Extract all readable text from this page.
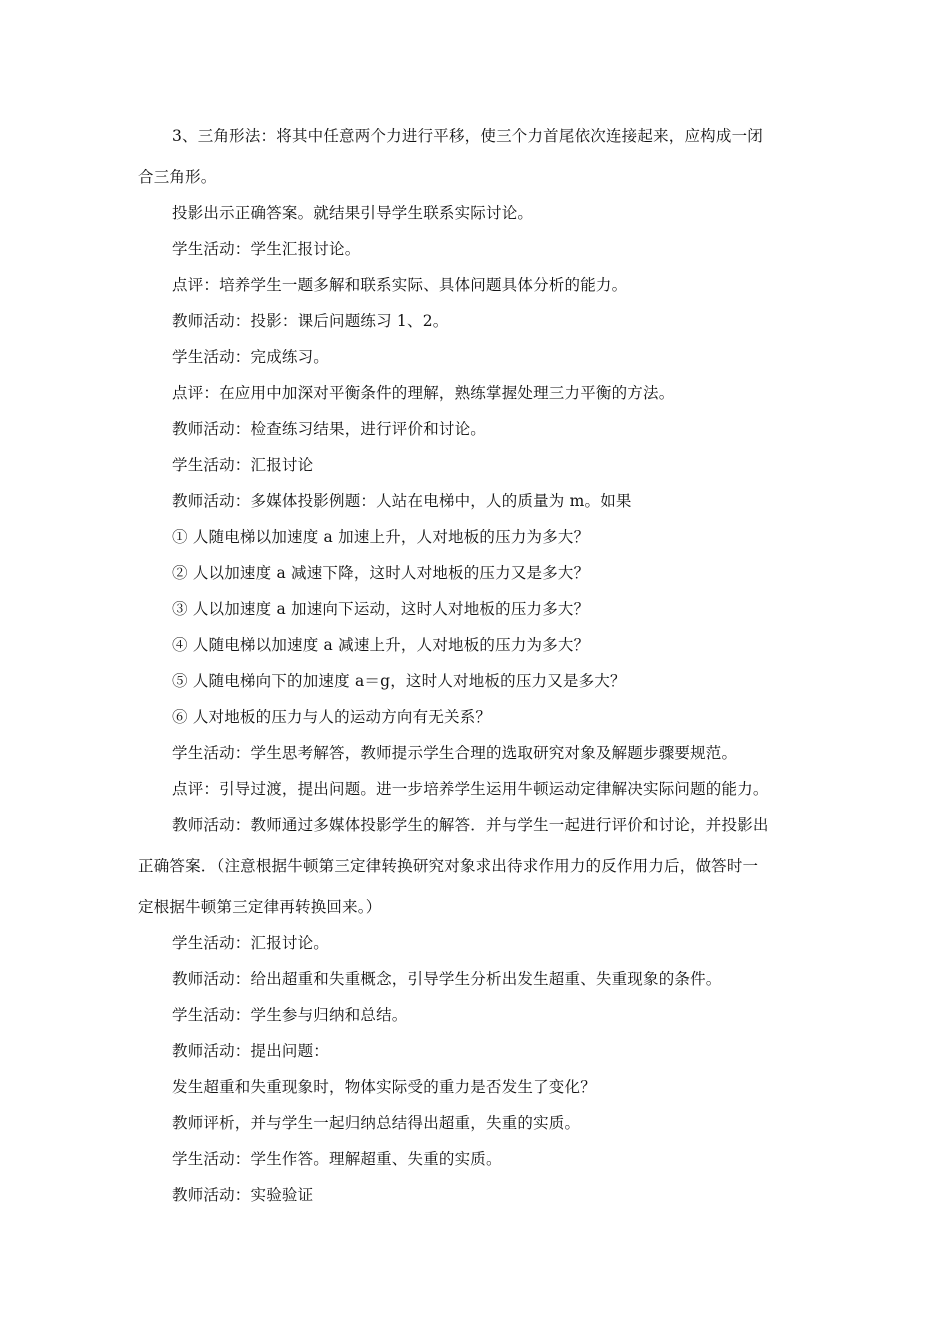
3、三角形法：将其中任意两个力进行平移，使三个力首尾依次连接起来，应构成一闭
合三角形。
投影出示正确答案。就结果引导学生联系实际讨论。
学生活动：学生汇报讨论。
点评：培养学生一题多解和联系实际、具体问题具体分析的能力。
教师活动：投影：课后问题练习 1、2。
学生活动：完成练习。
点评：在应用中加深对平衡条件的理解，熟练掌握处理三力平衡的方法。
教师活动：检查练习结果，进行评价和讨论。
学生活动：汇报讨论
教师活动：多媒体投影例题：人站在电梯中，人的质量为 m。如果
① 人随电梯以加速度 a 加速上升，人对地板的压力为多大？
② 人以加速度 a 减速下降，这时人对地板的压力又是多大？
③ 人以加速度 a 加速向下运动，这时人对地板的压力多大？
④ 人随电梯以加速度 a 减速上升，人对地板的压力为多大？
⑤ 人随电梯向下的加速度 a＝g，这时人对地板的压力又是多大？
⑥ 人对地板的压力与人的运动方向有无关系？
学生活动：学生思考解答，教师提示学生合理的选取研究对象及解题步骤要规范。
点评：引导过渡，提出问题。进一步培养学生运用牛顿运动定律解决实际问题的能力。
教师活动：教师通过多媒体投影学生的解答．并与学生一起进行评价和讨论，并投影出
正确答案．（注意根据牛顿第三定律转换研究对象求出待求作用力的反作用力后，做答时一
定根据牛顿第三定律再转换回来。）
学生活动：汇报讨论。
教师活动：给出超重和失重概念，引导学生分析出发生超重、失重现象的条件。
学生活动：学生参与归纳和总结。
教师活动：提出问题：
发生超重和失重现象时，物体实际受的重力是否发生了变化？
教师评析，并与学生一起归纳总结得出超重，失重的实质。
学生活动：学生作答。理解超重、失重的实质。
教师活动：实验验证
